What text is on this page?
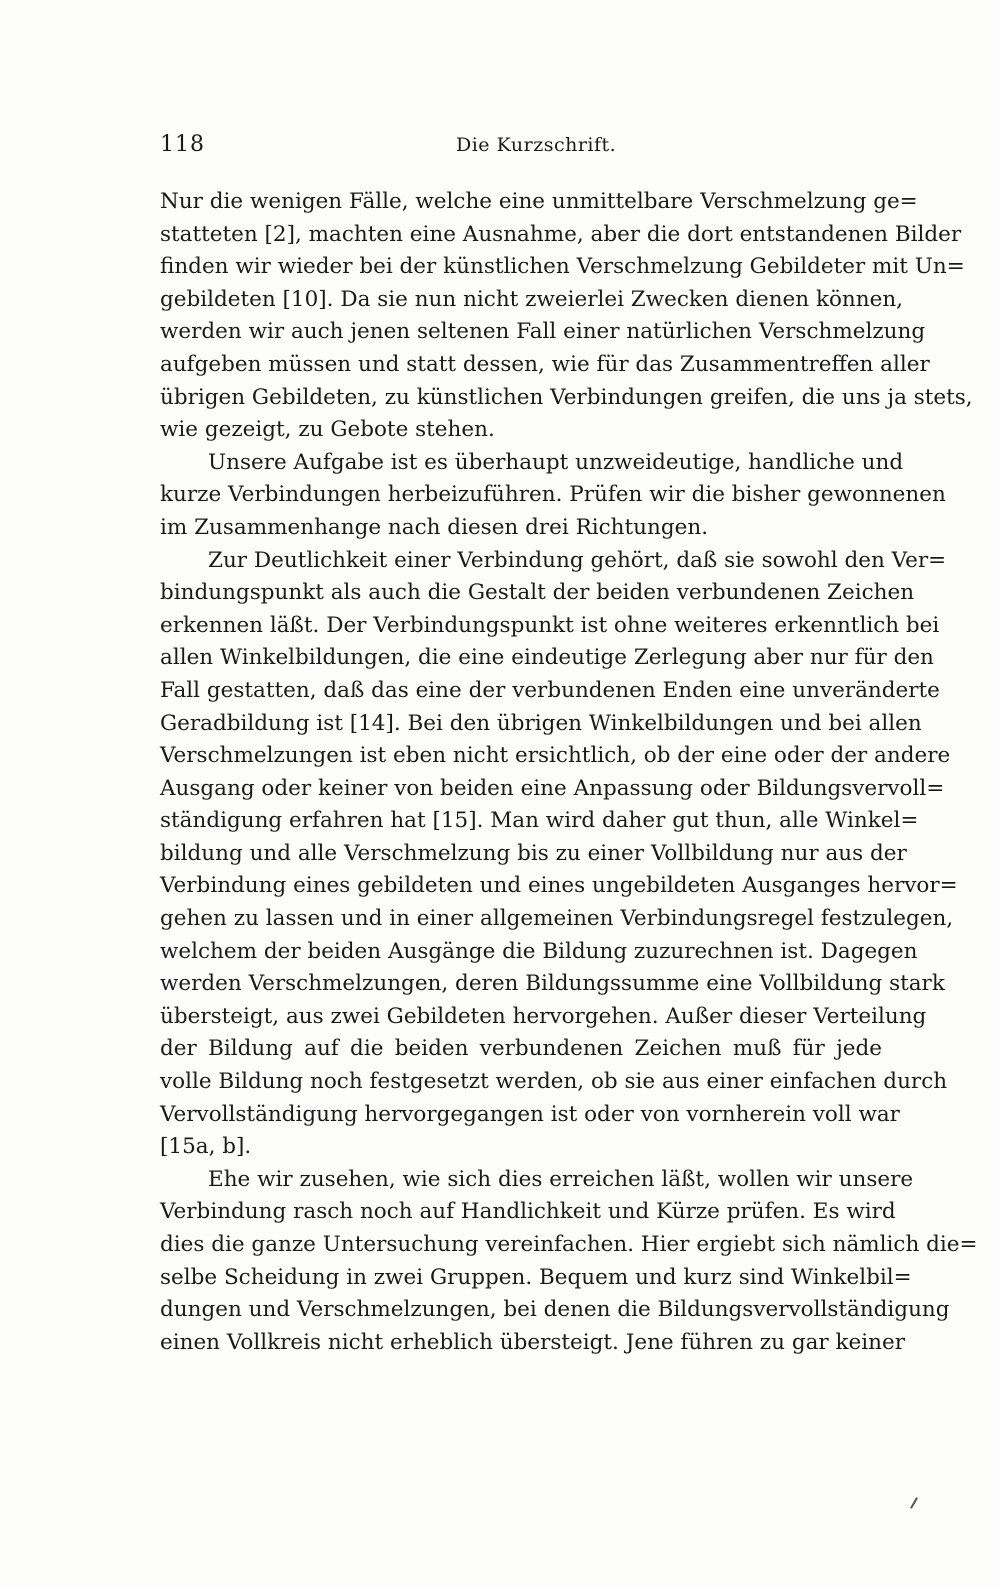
118	Die Kurzschrift.
Nur die wenigen Fälle, welche eine unmittelbare Verschmelzung ge=
statteten [2], machten eine Ausnahme, aber die dort entstandenen Bilder
finden wir wieder bei der künstlichen Verschmelzung Gebildeter mit Un=
gebildeten [10]. Da sie nun nicht zweierlei Zwecken dienen können,
werden wir auch jenen seltenen Fall einer natürlichen Verschmelzung
aufgeben müssen und statt dessen, wie für das Zusammentreffen aller
übrigen Gebildeten, zu künstlichen Verbindungen greifen, die uns ja stets,
wie gezeigt, zu Gebote stehen.
Unsere Aufgabe ist es überhaupt unzweideutige, handliche und
kurze Verbindungen herbeizuführen. Prüfen wir die bisher gewonnenen
im Zusammenhange nach diesen drei Richtungen.
Zur Deutlichkeit einer Verbindung gehört, daß sie sowohl den Ver=
bindungspunkt als auch die Gestalt der beiden verbundenen Zeichen
erkennen läßt. Der Verbindungspunkt ist ohne weiteres erkenntlich bei
allen Winkelbildungen, die eine eindeutige Zerlegung aber nur für den
Fall gestatten, daß das eine der verbundenen Enden eine unveränderte
Geradbildung ist [14]. Bei den übrigen Winkelbildungen und bei allen
Verschmelzungen ist eben nicht ersichtlich, ob der eine oder der andere
Ausgang oder keiner von beiden eine Anpassung oder Bildungsvervoll=
ständigung erfahren hat [15]. Man wird daher gut thun, alle Winkel=
bildung und alle Verschmelzung bis zu einer Vollbildung nur aus der
Verbindung eines gebildeten und eines ungebildeten Ausganges hervor=
gehen zu lassen und in einer allgemeinen Verbindungsregel festzulegen,
welchem der beiden Ausgänge die Bildung zuzurechnen ist. Dagegen
werden Verschmelzungen, deren Bildungssumme eine Vollbildung stark
übersteigt, aus zwei Gebildeten hervorgehen. Außer dieser Verteilung
der Bildung auf die beiden verbundenen Zeichen muß für jede
volle Bildung noch festgesetzt werden, ob sie aus einer einfachen durch
Vervollständigung hervorgegangen ist oder von vornherein voll war
[15a, b].
Ehe wir zusehen, wie sich dies erreichen läßt, wollen wir unsere
Verbindung rasch noch auf Handlichkeit und Kürze prüfen. Es wird
dies die ganze Untersuchung vereinfachen. Hier ergiebt sich nämlich die=
selbe Scheidung in zwei Gruppen. Bequem und kurz sind Winkelbil=
dungen und Verschmelzungen, bei denen die Bildungsvervollständigung
einen Vollkreis nicht erheblich übersteigt. Jene führen zu gar keiner
